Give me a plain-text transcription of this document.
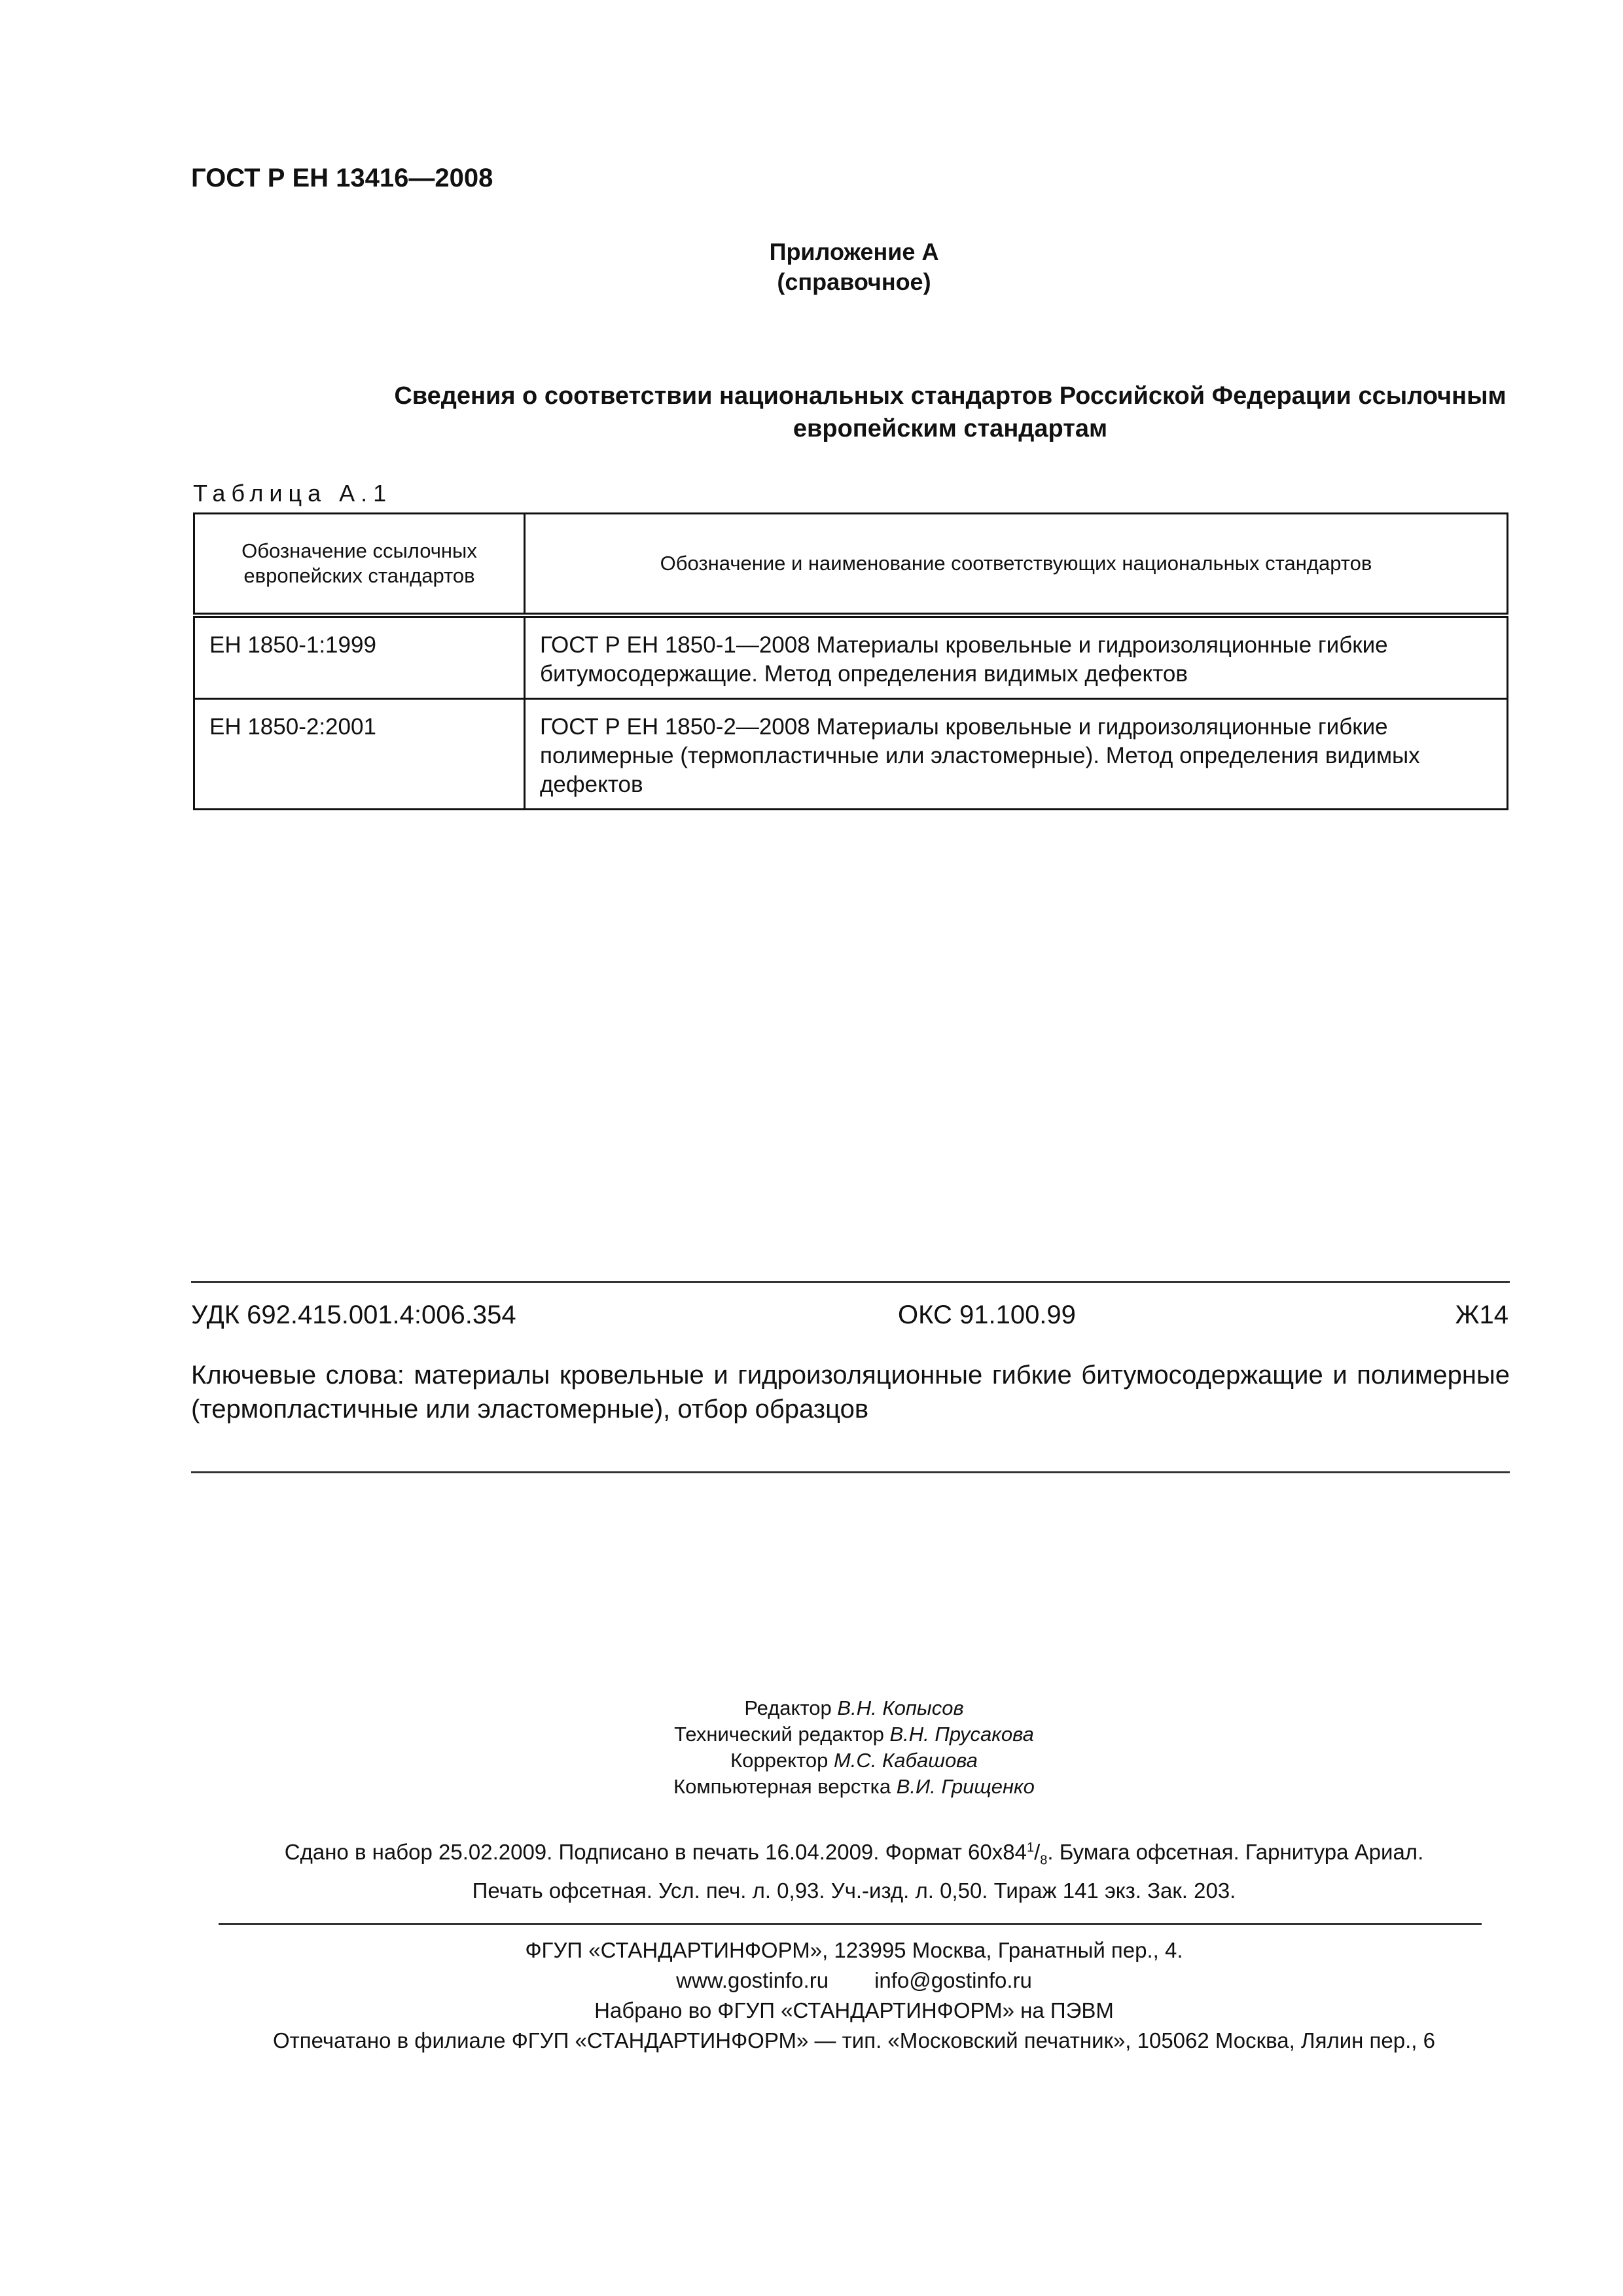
ГОСТ Р ЕН 13416—2008
Приложение А
(справочное)
Сведения о соответствии национальных стандартов Российской Федерации ссылочным
европейским стандартам
Таблица А.1
Обозначение ссылочных европейских стандартов	Обозначение и наименование соответствующих национальных стандартов
ЕН 1850-1:1999	ГОСТ Р ЕН 1850-1—2008 Материалы кровельные и гидроизоляционные гибкие битумосодержащие. Метод определения видимых дефектов
ЕН 1850-2:2001	ГОСТ Р ЕН 1850-2—2008 Материалы кровельные и гидроизоляционные гибкие полимерные (термопластичные или эластомерные). Метод определения видимых дефектов
УДК 692.415.001.4:006.354	ОКС 91.100.99	Ж14
Ключевые слова: материалы кровельные и гидроизоляционные гибкие битумосодержащие и полимерные (термопластичные или эластомерные), отбор образцов
Редактор В.Н. Копысов
Технический редактор В.Н. Прусакова
Корректор М.С. Кабашова
Компьютерная верстка В.И. Грищенко
Сдано в набор 25.02.2009. Подписано в печать 16.04.2009. Формат $60х84^1/_8$. Бумага офсетная. Гарнитура Ариал.
Печать офсетная. Усл. печ. л. 0,93. Уч.-изд. л. 0,50. Тираж 141 экз. Зак. 203.
ФГУП «СТАНДАРТИНФОРМ», 123995 Москва, Гранатный пер., 4.
www.gostinfo.ru info@gostinfo.ru
Набрано во ФГУП «СТАНДАРТИНФОРМ» на ПЭВМ
Отпечатано в филиале ФГУП «СТАНДАРТИНФОРМ» — тип. «Московский печатник», 105062 Москва, Лялин пер., 6
